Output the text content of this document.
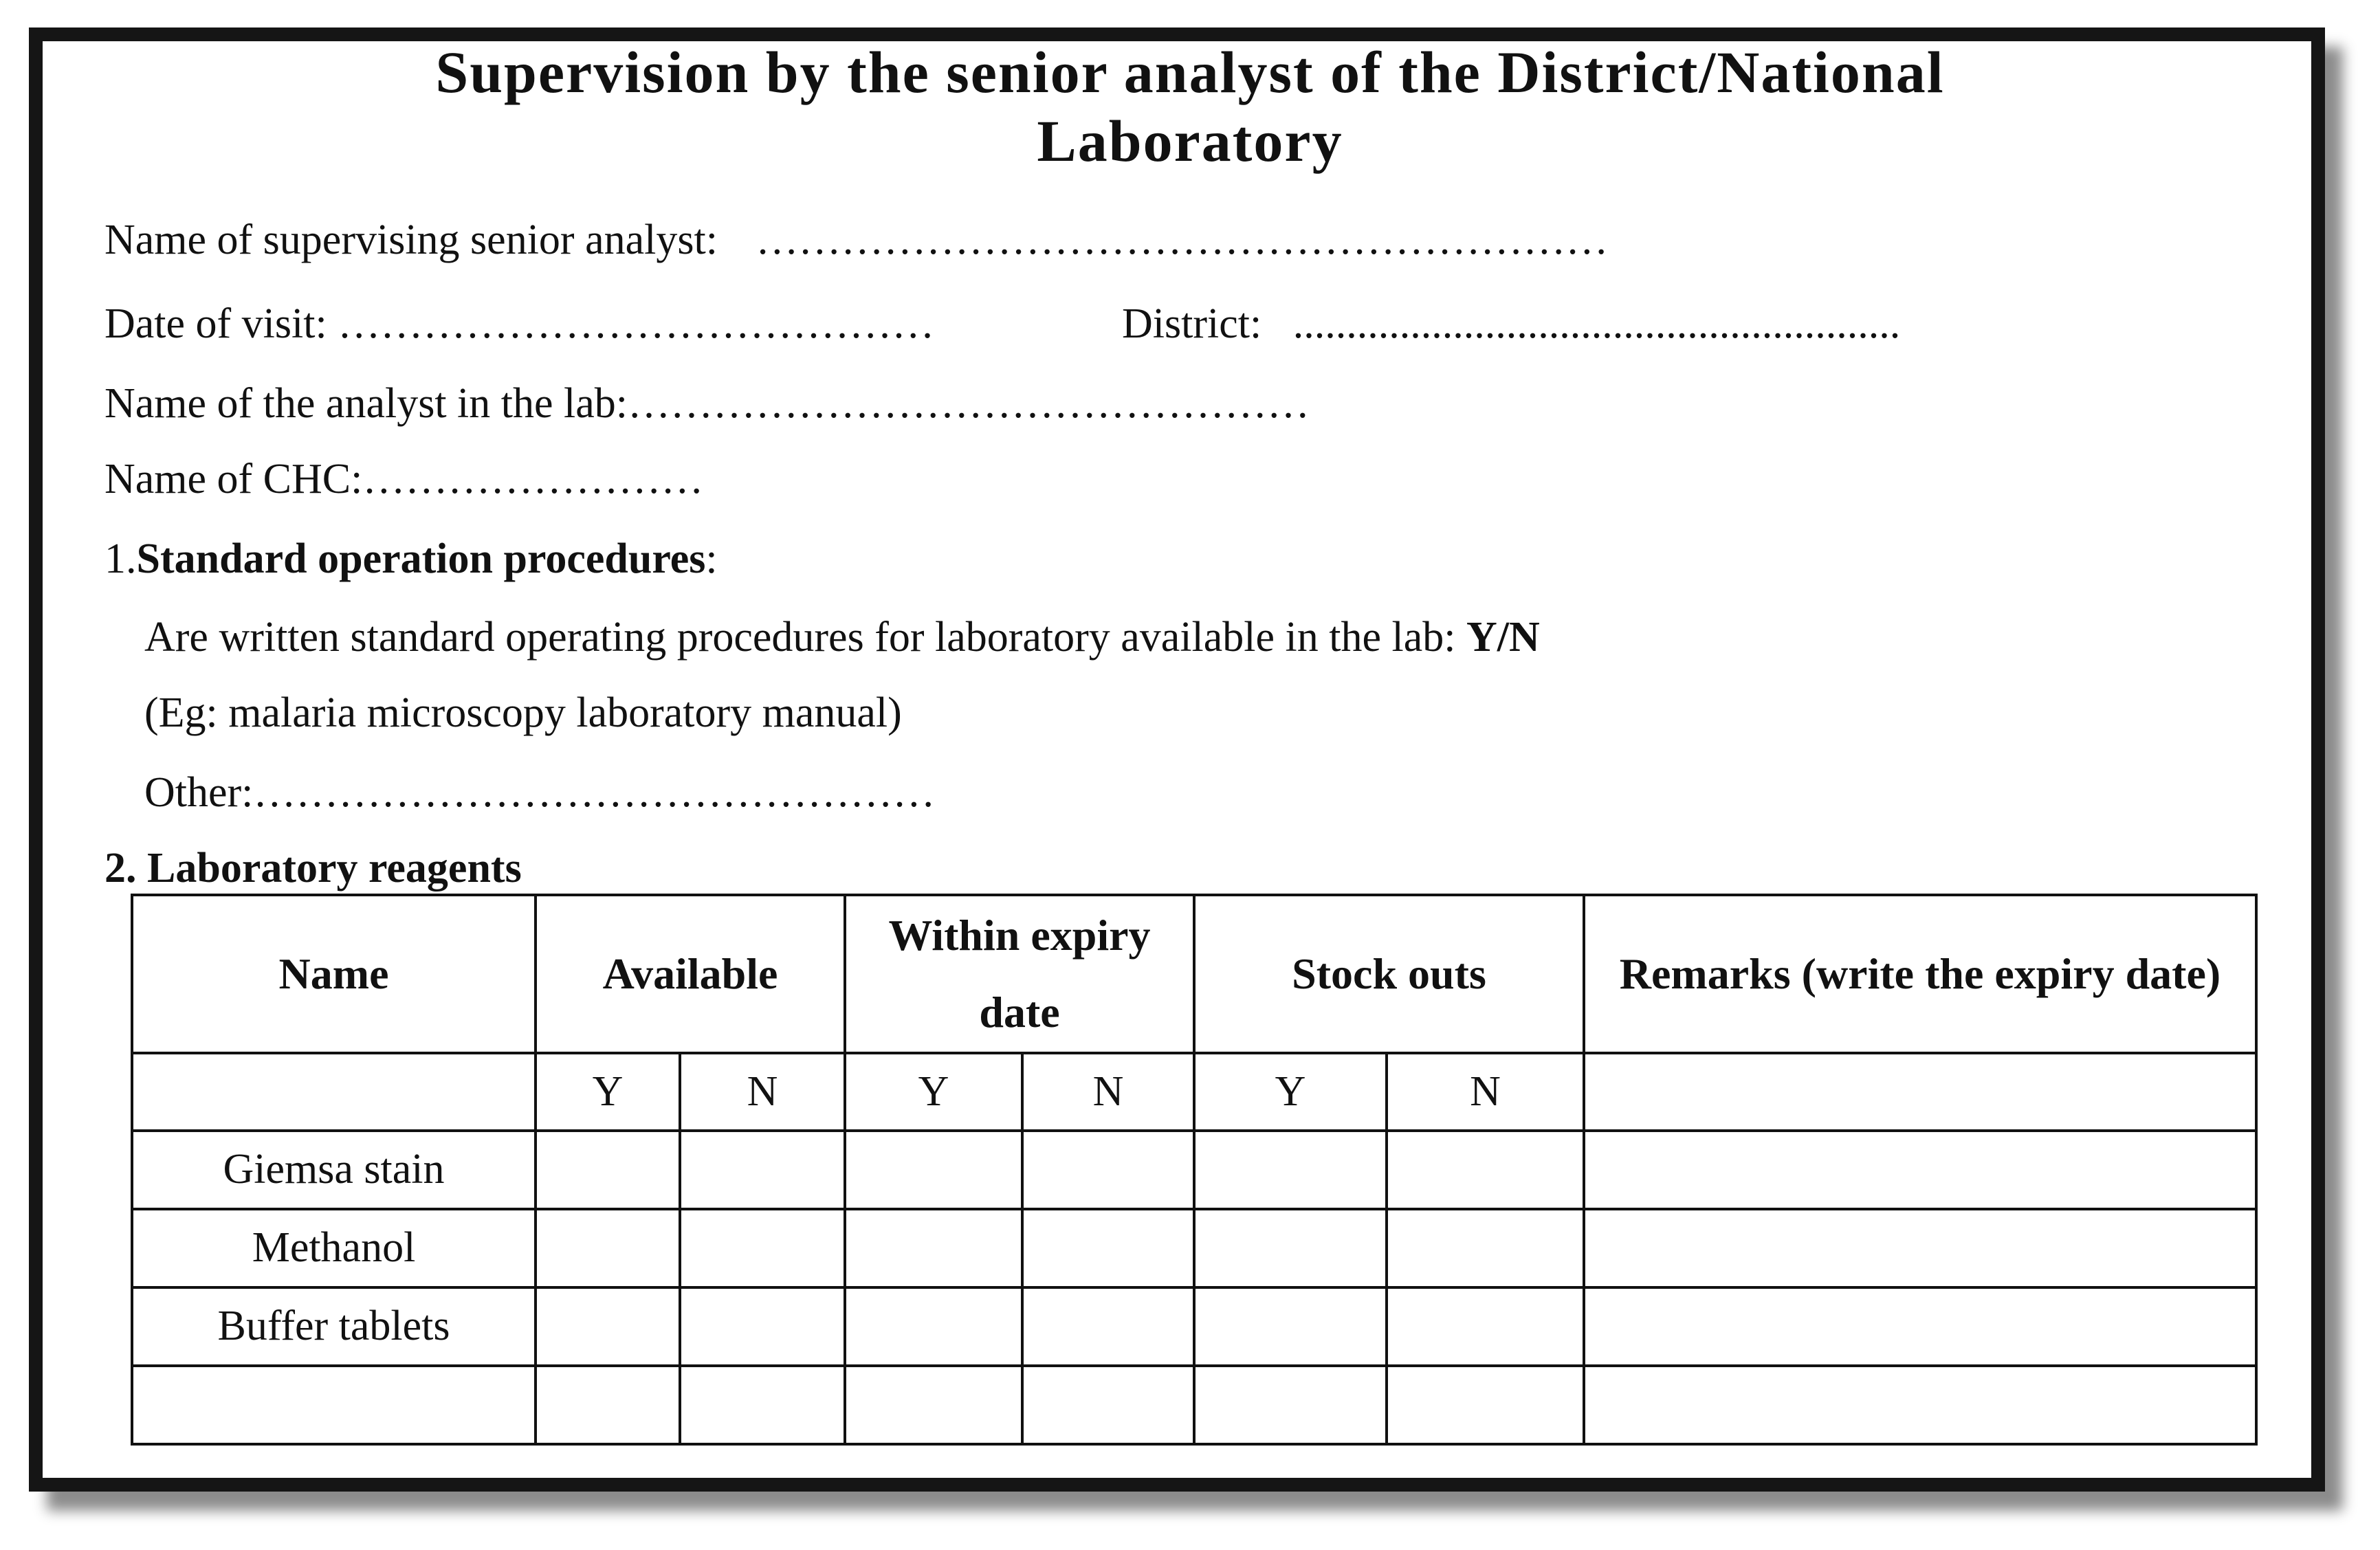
Supervision by the senior analyst of the District/National
Laboratory
Name of supervising senior analyst: ……………………………………………………
Date of visit: ……………………………………	District: .........................................................
Name of the analyst in the lab:…………………………………………
Name of CHC:……………………
1.Standard operation procedures:
Are written standard operating procedures for laboratory available in the lab: Y/N
(Eg: malaria microscopy laboratory manual)
Other:…………………………………………
2. Laboratory reagents
Name	Available		Within expiry date		Stock outs		Remarks (write the expiry date)
	Y	N	Y	N	Y	N	
Giemsa stain							
Methanol							
Buffer tablets							
